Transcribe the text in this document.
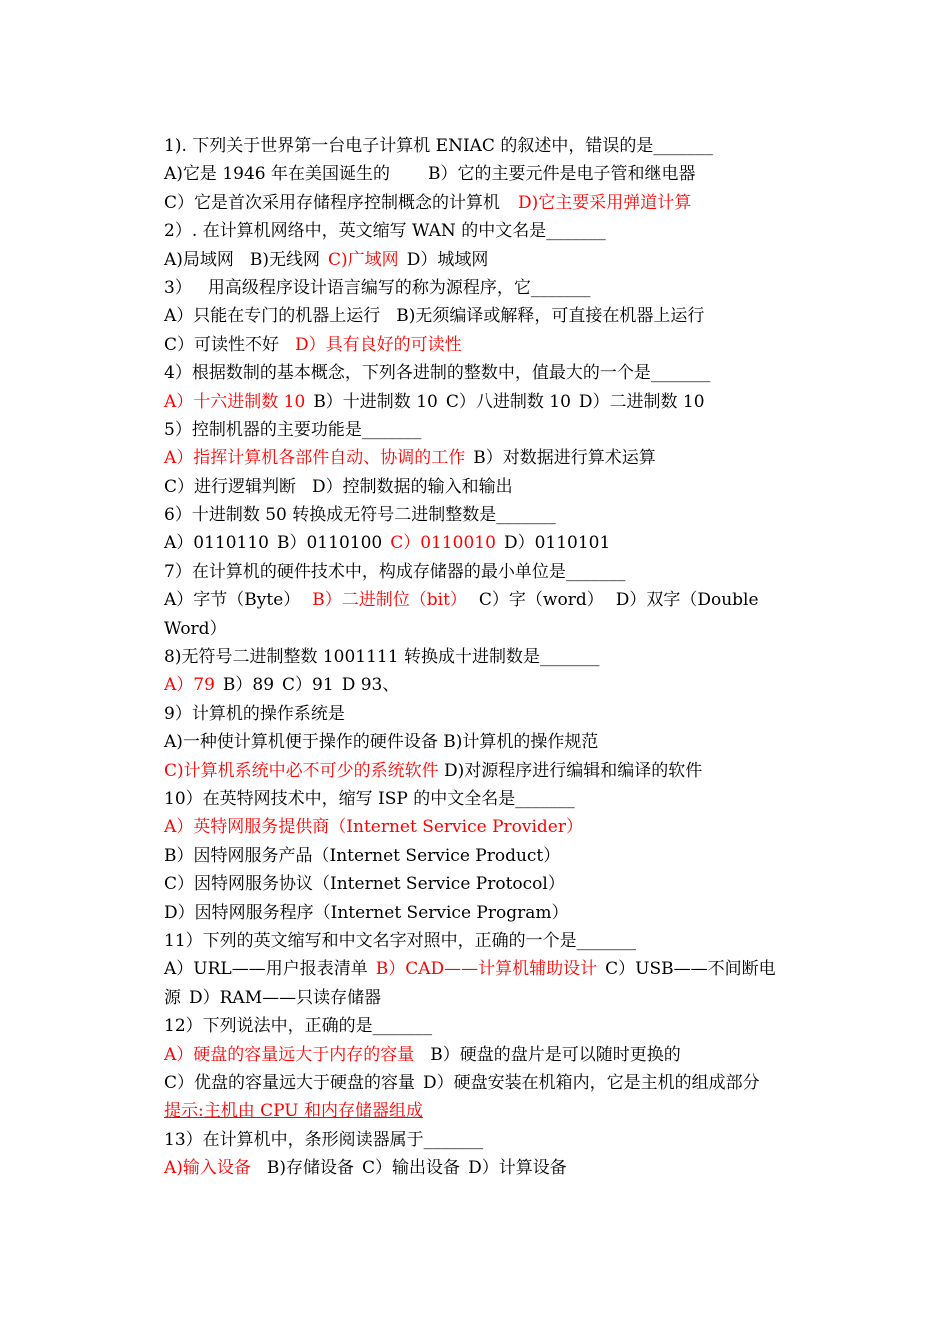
1). 下列关于世界第一台电子计算机 ENIAC 的叙述中，错误的是_______
A)它是 1946 年在美国诞生的 B）它的主要元件是电子管和继电器
C）它是首次采用存储程序控制概念的计算机 D)它主要采用弹道计算
2）. 在计算机网络中，英文缩写 WAN 的中文名是_______
A)局域网 B)无线网 C)广域网 D）城域网
3） 用高级程序设计语言编写的称为源程序，它_______
A）只能在专门的机器上运行 B)无须编译或解释，可直接在机器上运行
C）可读性不好 D）具有良好的可读性
4）根据数制的基本概念，下列各进制的整数中，值最大的一个是_______
A）十六进制数 10 B）十进制数 10 C）八进制数 10 D）二进制数 10
5）控制机器的主要功能是_______
A）指挥计算机各部件自动、协调的工作 B）对数据进行算术运算
C）进行逻辑判断 D）控制数据的输入和输出
6）十进制数 50 转换成无符号二进制整数是_______
A）0110110 B）0110100 C）0110010 D）0110101
7）在计算机的硬件技术中，构成存储器的最小单位是_______
A）字节（Byte） B）二进制位（bit） C）字（word） D）双字（Double Word）
8)无符号二进制整数 1001111 转换成十进制数是_______
A）79 B）89 C）91 D 93、
9）计算机的操作系统是
A)一种使计算机便于操作的硬件设备 B)计算机的操作规范
C)计算机系统中必不可少的系统软件 D)对源程序进行编辑和编译的软件
10）在英特网技术中，缩写 ISP 的中文全名是_______
A）英特网服务提供商（Internet Service Provider）
B）因特网服务产品（Internet Service Product）
C）因特网服务协议（Internet Service Protocol）
D）因特网服务程序（Internet Service Program）
11）下列的英文缩写和中文名字对照中，正确的一个是_______
A）URL——用户报表清单 B）CAD——计算机辅助设计 C）USB——不间断电源 D）RAM——只读存储器
12）下列说法中，正确的是_______
A）硬盘的容量远大于内存的容量 B）硬盘的盘片是可以随时更换的
C）优盘的容量远大于硬盘的容量 D）硬盘安装在机箱内，它是主机的组成部分
提示:主机由 CPU 和内存储器组成
13）在计算机中，条形阅读器属于_______
A)输入设备 B)存储设备 C）输出设备 D）计算设备
